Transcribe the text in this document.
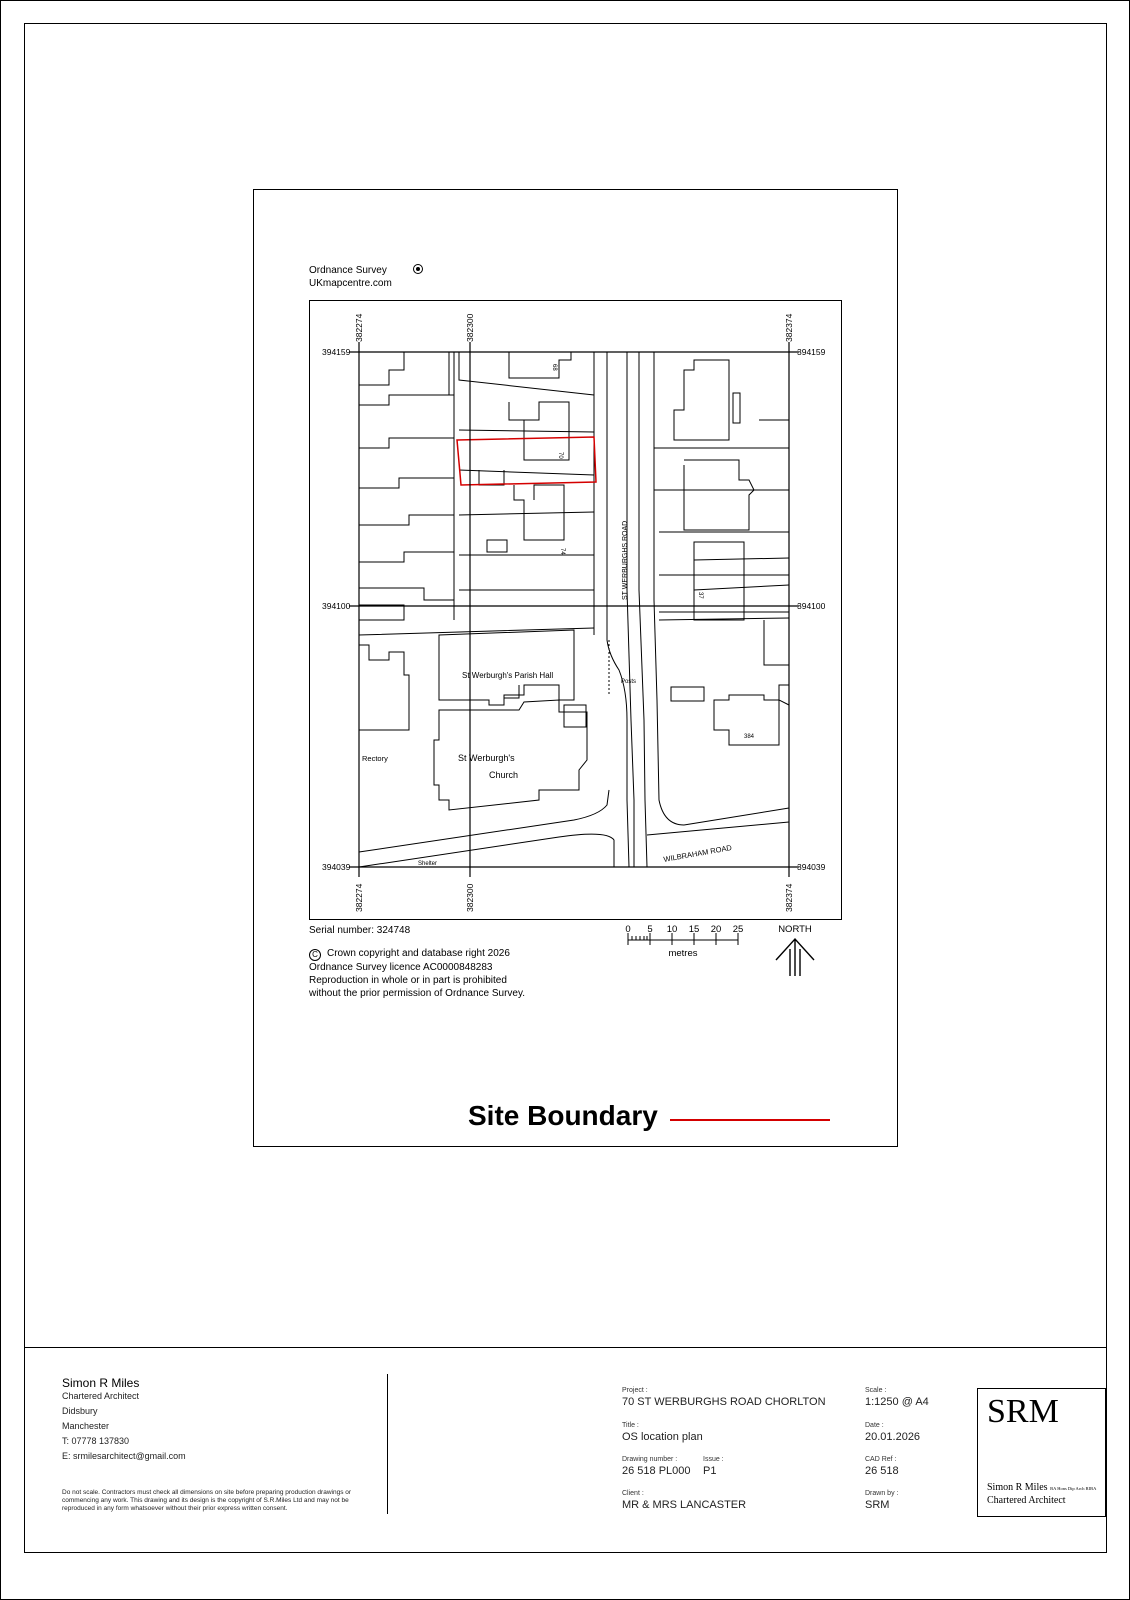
Ordnance Survey
UKmapcentre.com
382274	382300	382374
382274	382300	382374
394159	394159
394100	394100
394039	394039
68
70
74
37
384
ST WERBURGHS ROAD
WILBRAHAM ROAD
St Werburgh's Parish Hall
St Werburgh's
Church
Rectory
Posts
Shelter
Serial number: 324748
C Crown copyright and database right 2026
Ordnance Survey licence AC0000848283
Reproduction in whole or in part is prohibited
without the prior permission of Ordnance Survey.
0 5 10 15 20 25
metres
NORTH
Site Boundary
Simon R Miles
Chartered Architect
Didsbury
Manchester
T: 07778 137830
E: srmilesarchitect@gmail.com
Do not scale. Contractors must check all dimensions on site before preparing production drawings or commencing any work. This drawing and its design is the copyright of S.R.Miles Ltd and may not be reproduced in any form whatsoever without their prior express written consent.
Project :
70 ST WERBURGHS ROAD CHORLTON
Title :
OS location plan
Drawing number :
26 518 PL000
Issue :
P1
Client :
MR & MRS LANCASTER
Scale :
1:1250 @ A4
Date :
20.01.2026
CAD Ref :
26 518
Drawn by :
SRM
SRM
Simon R Miles BA Hons Dip Arch RIBA
Chartered Architect
